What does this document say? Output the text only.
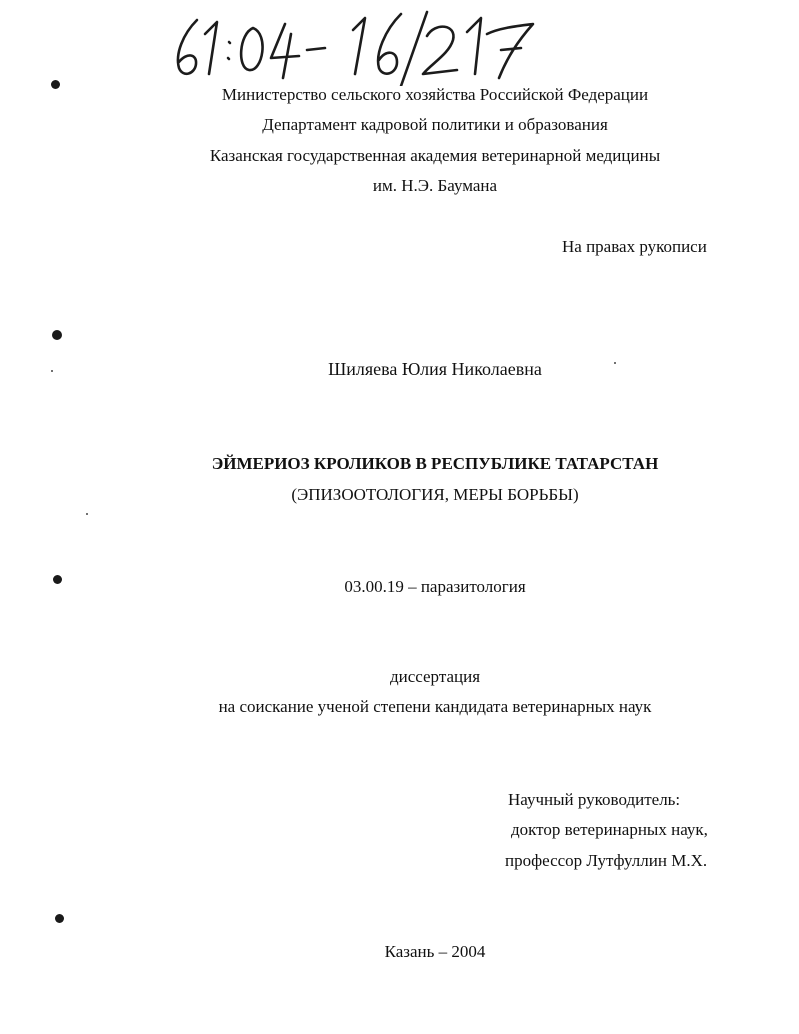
Министерство сельского хозяйства Российской Федерации
Департамент кадровой политики и образования
Казанская государственная академия ветеринарной медицины
им. Н.Э. Баумана
На правах рукописи
Шиляева Юлия Николаевна
ЭЙМЕРИОЗ КРОЛИКОВ В РЕСПУБЛИКЕ ТАТАРСТАН
(ЭПИЗООТОЛОГИЯ, МЕРЫ БОРЬБЫ)
03.00.19 – паразитология
диссертация
на соискание ученой степени кандидата ветеринарных наук
Научный руководитель:
доктор ветеринарных наук,
профессор Лутфуллин М.Х.
Казань – 2004
